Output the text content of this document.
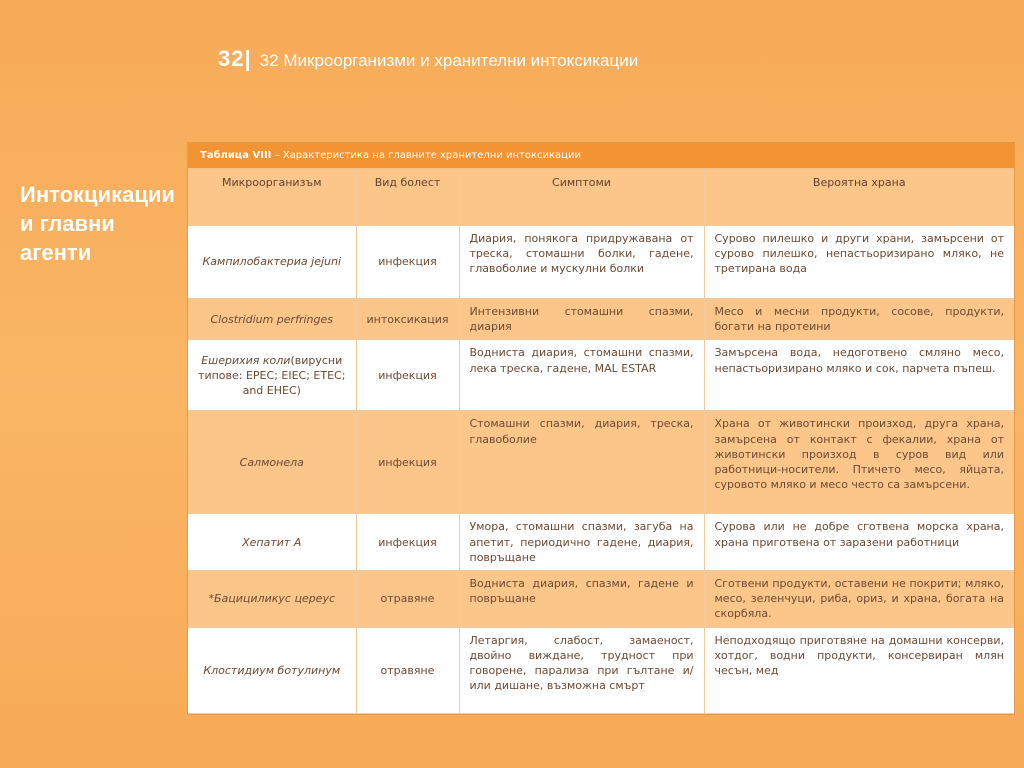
32| 32 Микроорганизми и хранителни интоксикации
Интокцикации и главни агенти
Таблица VIII – Характеристика на главните хранителни интоксикации
Микроорганизъм	Вид болест	Симптоми	Вероятна храна
Кампилобактериа jejuni	инфекция	Диария, понякога придружавана от треска, стомашни болки, гадене, главоболие и мускулни болки	Сурово пилешко и други храни, замърсени от сурово пилешко, непастьоризирано мляко, не третирана вода
Clostridium perfringes	интоксикация	Интензивни стомашни спазми, диария	Месо и месни продукти, сосове, продукти, богати на протеини
Ешерихия коли(вирусни типове: EPEC; EIEC; ETEC; and EHEC)	инфекция	Водниста диария, стомашни спазми, лека треска, гадене, MAL ESTAR	Замърсена вода, недоготвено смляно месо, непастьоризирано мляко и сок, парчета пъпеш.
Салмонела	инфекция	Стомашни спазми, диария, треска, главоболие	Храна от животински произход, друга храна, замърсена от контакт с фекалии, храна от животински произход в суров вид или работници-носители. Птичето месо, яйцата, суровото мляко и месо често са замърсени.
Хепатит А	инфекция	Умора, стомашни спазми, загуба на апетит, периодично гадене, диария, повръщане	Сурова или не добре сготвена морска храна, храна приготвена от заразени работници
*Бацициликус цереус	отравяне	Водниста диария, спазми, гадене и повръщане	Сготвени продукти, оставени не покрити; мляко, месо, зеленчуци, риба, ориз, и храна, богата на скорбяла.
Клостидиум ботулинум	отравяне	Летаргия, слабост, замаеност, двойно виждане, трудност при говорене, парализа при гълтане и/или дишане, възможна смърт	Неподходящо приготвяне на домашни консерви, хотдог, водни продукти, консервиран млян чесън, мед
